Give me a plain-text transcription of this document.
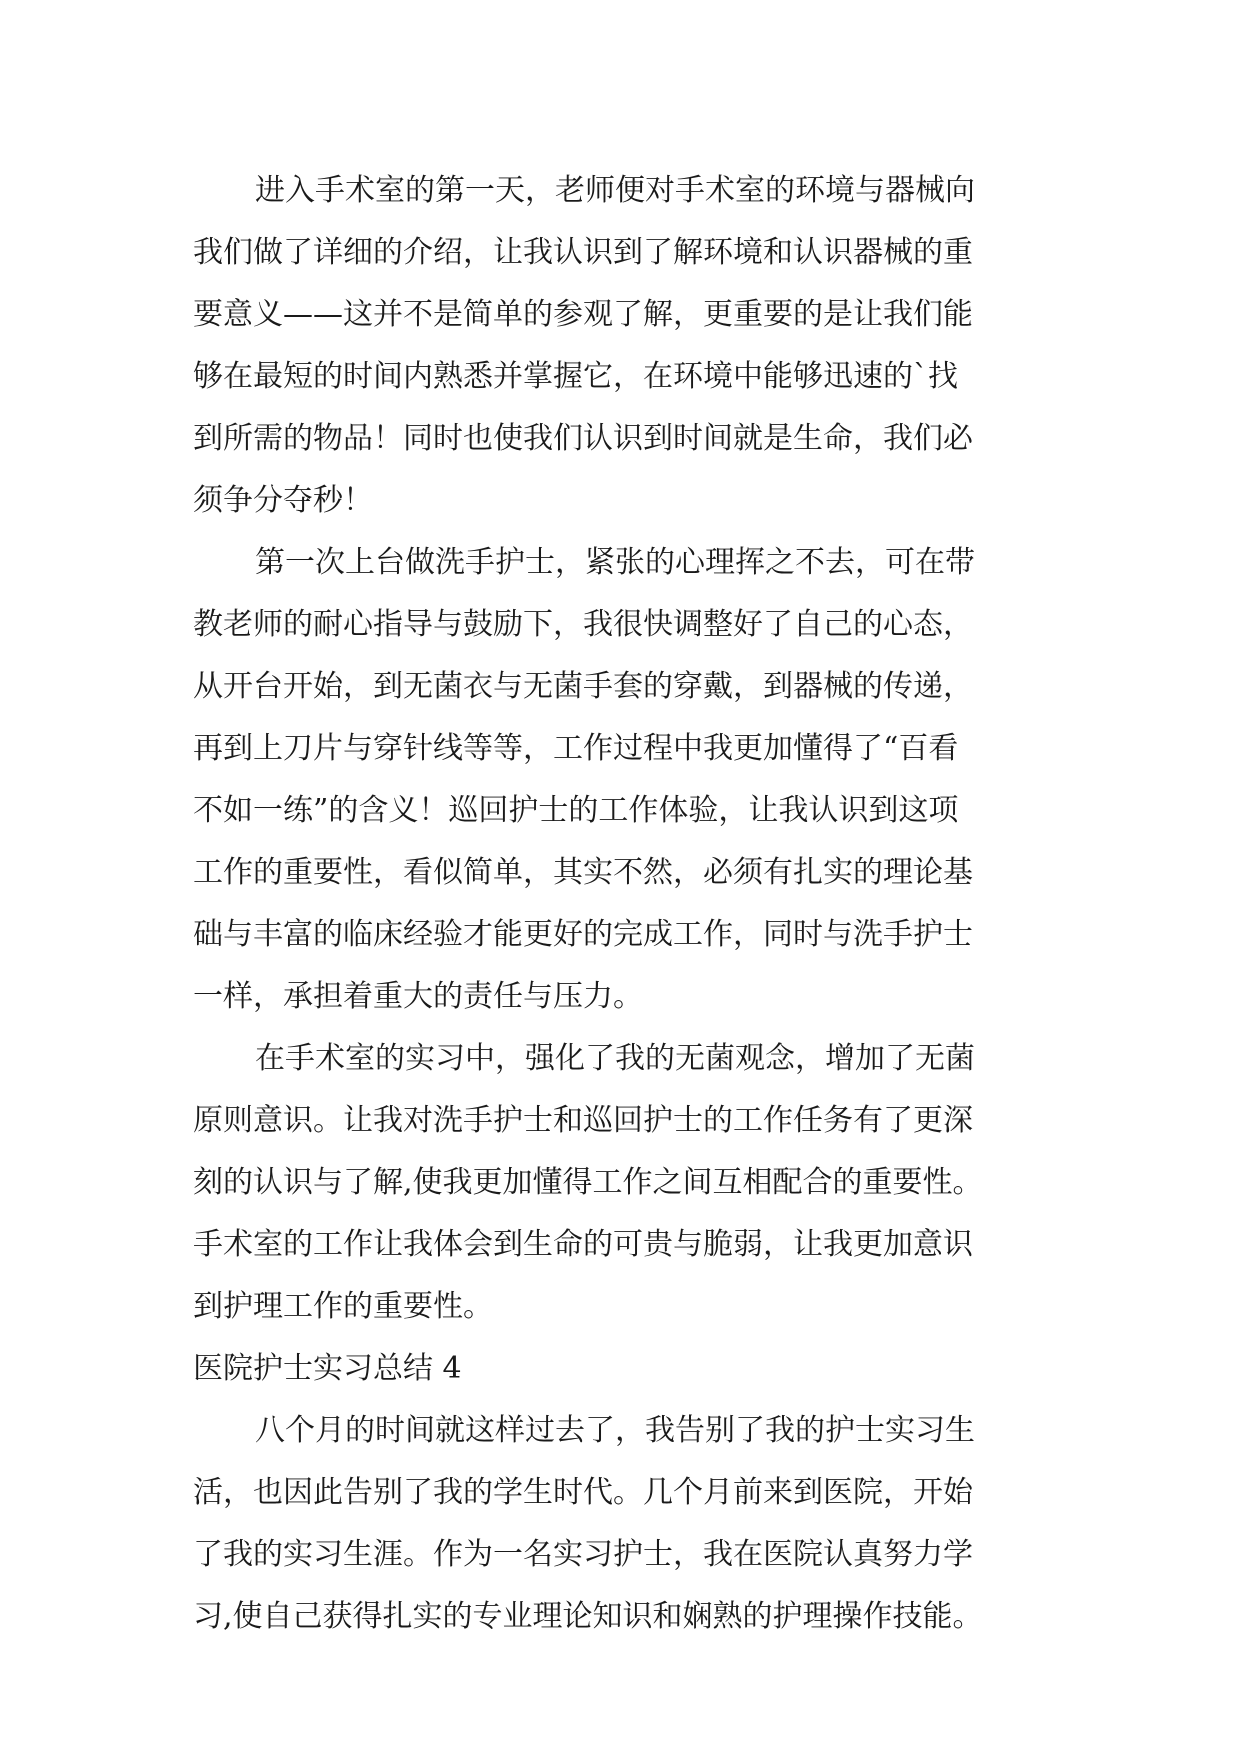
进入手术室的第一天，老师便对手术室的环境与器械向
我们做了详细的介绍，让我认识到了解环境和认识器械的重
要意义——这并不是简单的参观了解，更重要的是让我们能
够在最短的时间内熟悉并掌握它，在环境中能够迅速的`找
到所需的物品！同时也使我们认识到时间就是生命，我们必
须争分夺秒！
第一次上台做洗手护士，紧张的心理挥之不去，可在带
教老师的耐心指导与鼓励下，我很快调整好了自己的心态，
从开台开始，到无菌衣与无菌手套的穿戴，到器械的传递，
再到上刀片与穿针线等等，工作过程中我更加懂得了“百看
不如一练”的含义！巡回护士的工作体验，让我认识到这项
工作的重要性，看似简单，其实不然，必须有扎实的理论基
础与丰富的临床经验才能更好的完成工作，同时与洗手护士
一样，承担着重大的责任与压力。
在手术室的实习中，强化了我的无菌观念，增加了无菌
原则意识。让我对洗手护士和巡回护士的工作任务有了更深
刻的认识与了解,使我更加懂得工作之间互相配合的重要性。
手术室的工作让我体会到生命的可贵与脆弱，让我更加意识
到护理工作的重要性。
医院护士实习总结 4
八个月的时间就这样过去了，我告别了我的护士实习生
活，也因此告别了我的学生时代。几个月前来到医院，开始
了我的实习生涯。作为一名实习护士，我在医院认真努力学
习,使自己获得扎实的专业理论知识和娴熟的护理操作技能。
